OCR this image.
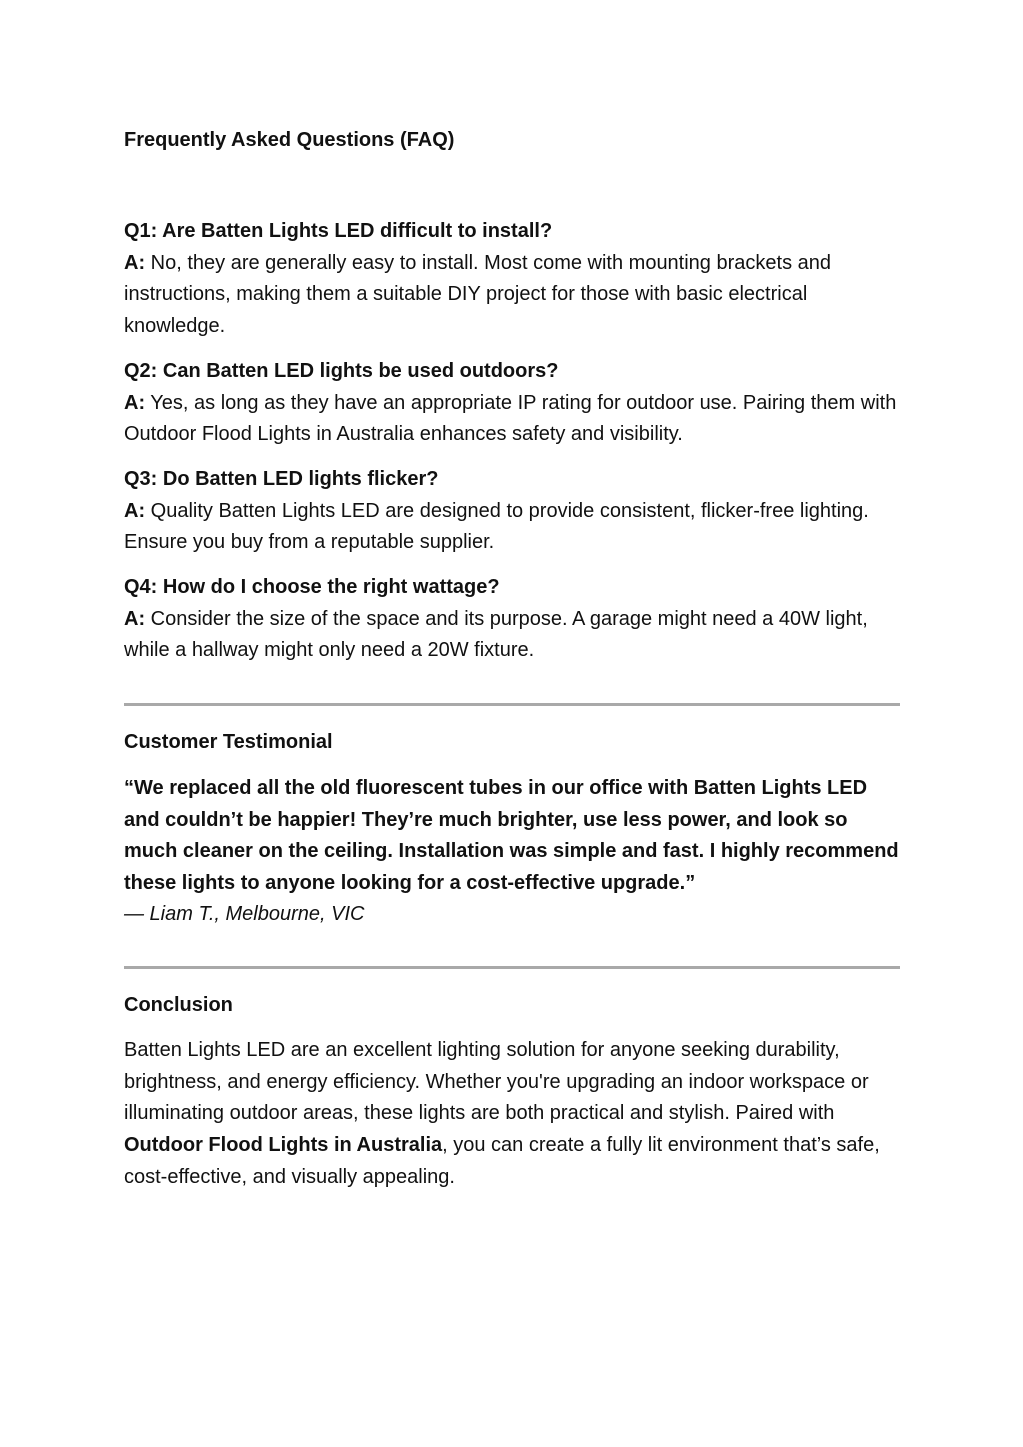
Frequently Asked Questions (FAQ)
Q1: Are Batten Lights LED difficult to install?

A: No, they are generally easy to install. Most come with mounting brackets and instructions, making them a suitable DIY project for those with basic electrical knowledge.

Q2: Can Batten LED lights be used outdoors?

A: Yes, as long as they have an appropriate IP rating for outdoor use. Pairing them with Outdoor Flood Lights in Australia enhances safety and visibility.

Q3: Do Batten LED lights flicker?

A: Quality Batten Lights LED are designed to provide consistent, flicker-free lighting. Ensure you buy from a reputable supplier.

Q4: How do I choose the right wattage?

A: Consider the size of the space and its purpose. A garage might need a 40W light, while a hallway might only need a 20W fixture.

Customer Testimonial

“We replaced all the old fluorescent tubes in our office with Batten Lights LED and couldn’t be happier! They’re much brighter, use less power, and look so much cleaner on the ceiling. Installation was simple and fast. I highly recommend these lights to anyone looking for a cost-effective upgrade.”

— Liam T., Melbourne, VIC
Conclusion

Batten Lights LED are an excellent lighting solution for anyone seeking durability, brightness, and energy efficiency. Whether you're upgrading an indoor workspace or illuminating outdoor areas, these lights are both practical and stylish. Paired with Outdoor Flood Lights in Australia, you can create a fully lit environment that’s safe, cost-effective, and visually appealing.
